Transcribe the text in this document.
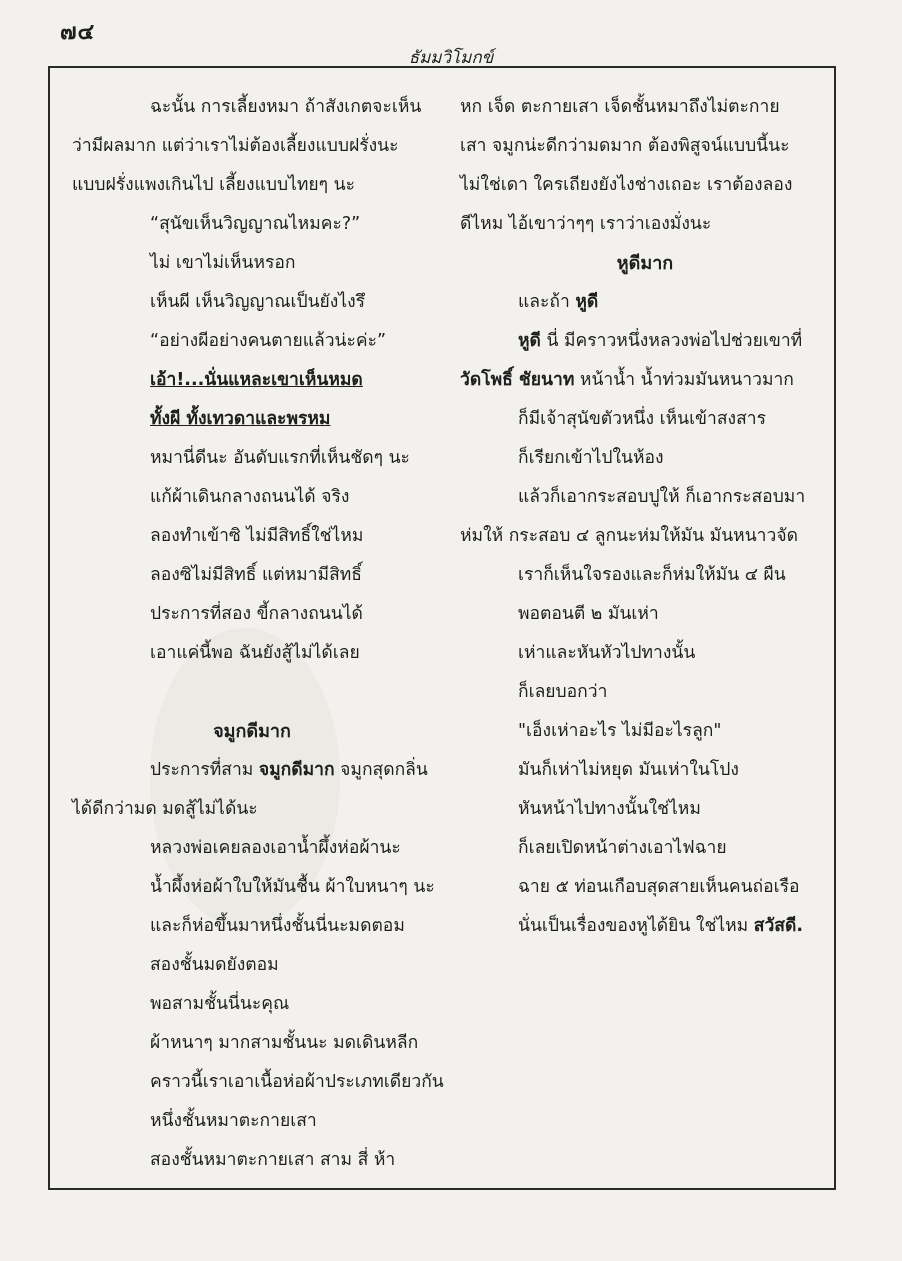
๗๔
ธัมมวิโมกข์
ฉะนั้น การเลี้ยงหมา ถ้าสังเกตจะเห็น
ว่ามีผลมาก แต่ว่าเราไม่ต้องเลี้ยงแบบฝรั่งนะ
แบบฝรั่งแพงเกินไป เลี้ยงแบบไทยๆ นะ
“สุนัขเห็นวิญญาณไหมคะ?”
ไม่ เขาไม่เห็นหรอก
เห็นผี เห็นวิญญาณเป็นยังไงรึ
“อย่างผีอย่างคนตายแล้วน่ะค่ะ”
เอ้า!...นั่นแหละเขาเห็นหมด
ทั้งผี ทั้งเทวดาและพรหม
หมานี่ดีนะ อันดับแรกที่เห็นชัดๆ นะ
แก้ผ้าเดินกลางถนนได้ จริง
ลองทำเข้าซิ ไม่มีสิทธิ์ใช่ไหม
ลองซิไม่มีสิทธิ์ แต่หมามีสิทธิ์
ประการที่สอง ขี้กลางถนนได้
เอาแค่นี้พอ ฉันยังสู้ไม่ได้เลย
จมูกดีมาก
ประการที่สาม จมูกดีมาก จมูกสุดกลิ่น
ได้ดีกว่ามด มดสู้ไม่ได้นะ
หลวงพ่อเคยลองเอาน้ำผึ้งห่อผ้านะ
น้ำผึ้งห่อผ้าใบให้มันชื้น ผ้าใบหนาๆ นะ
และก็ห่อขึ้นมาหนึ่งชั้นนี่นะมดตอม
สองชั้นมดยังตอม
พอสามชั้นนี่นะคุณ
ผ้าหนาๆ มากสามชั้นนะ มดเดินหลีก
คราวนี้เราเอาเนื้อห่อผ้าประเภทเดียวกัน
หนึ่งชั้นหมาตะกายเสา
สองชั้นหมาตะกายเสา สาม สี่ ห้า
หก เจ็ด ตะกายเสา เจ็ดชั้นหมาถึงไม่ตะกาย
เสา จมูกน่ะดีกว่ามดมาก ต้องพิสูจน์แบบนี้นะ
ไม่ใช่เดา ใครเถียงยังไงช่างเถอะ เราต้องลอง
ดีไหม ไอ้เขาว่าๆๆ เราว่าเองมั่งนะ
หูดีมาก
และถ้า หูดี
หูดี นี่ มีคราวหนึ่งหลวงพ่อไปช่วยเขาที่
วัดโพธิ์ ชัยนาท หน้าน้ำ น้ำท่วมมันหนาวมาก
ก็มีเจ้าสุนัขตัวหนึ่ง เห็นเข้าสงสาร
ก็เรียกเข้าไปในห้อง
แล้วก็เอากระสอบปูให้ ก็เอากระสอบมา
ห่มให้ กระสอบ ๔ ลูกนะห่มให้มัน มันหนาวจัด
เราก็เห็นใจรองและก็ห่มให้มัน ๔ ผืน
พอตอนตี ๒ มันเห่า
เห่าและหันหัวไปทางนั้น
ก็เลยบอกว่า
"เอ็งเห่าอะไร ไม่มีอะไรลูก"
มันก็เห่าไม่หยุด มันเห่าในโปง
หันหน้าไปทางนั้นใช่ไหม
ก็เลยเปิดหน้าต่างเอาไฟฉาย
ฉาย ๕ ท่อนเกือบสุดสายเห็นคนถ่อเรือ
นั่นเป็นเรื่องของหูได้ยิน ใช่ไหม สวัสดี.
